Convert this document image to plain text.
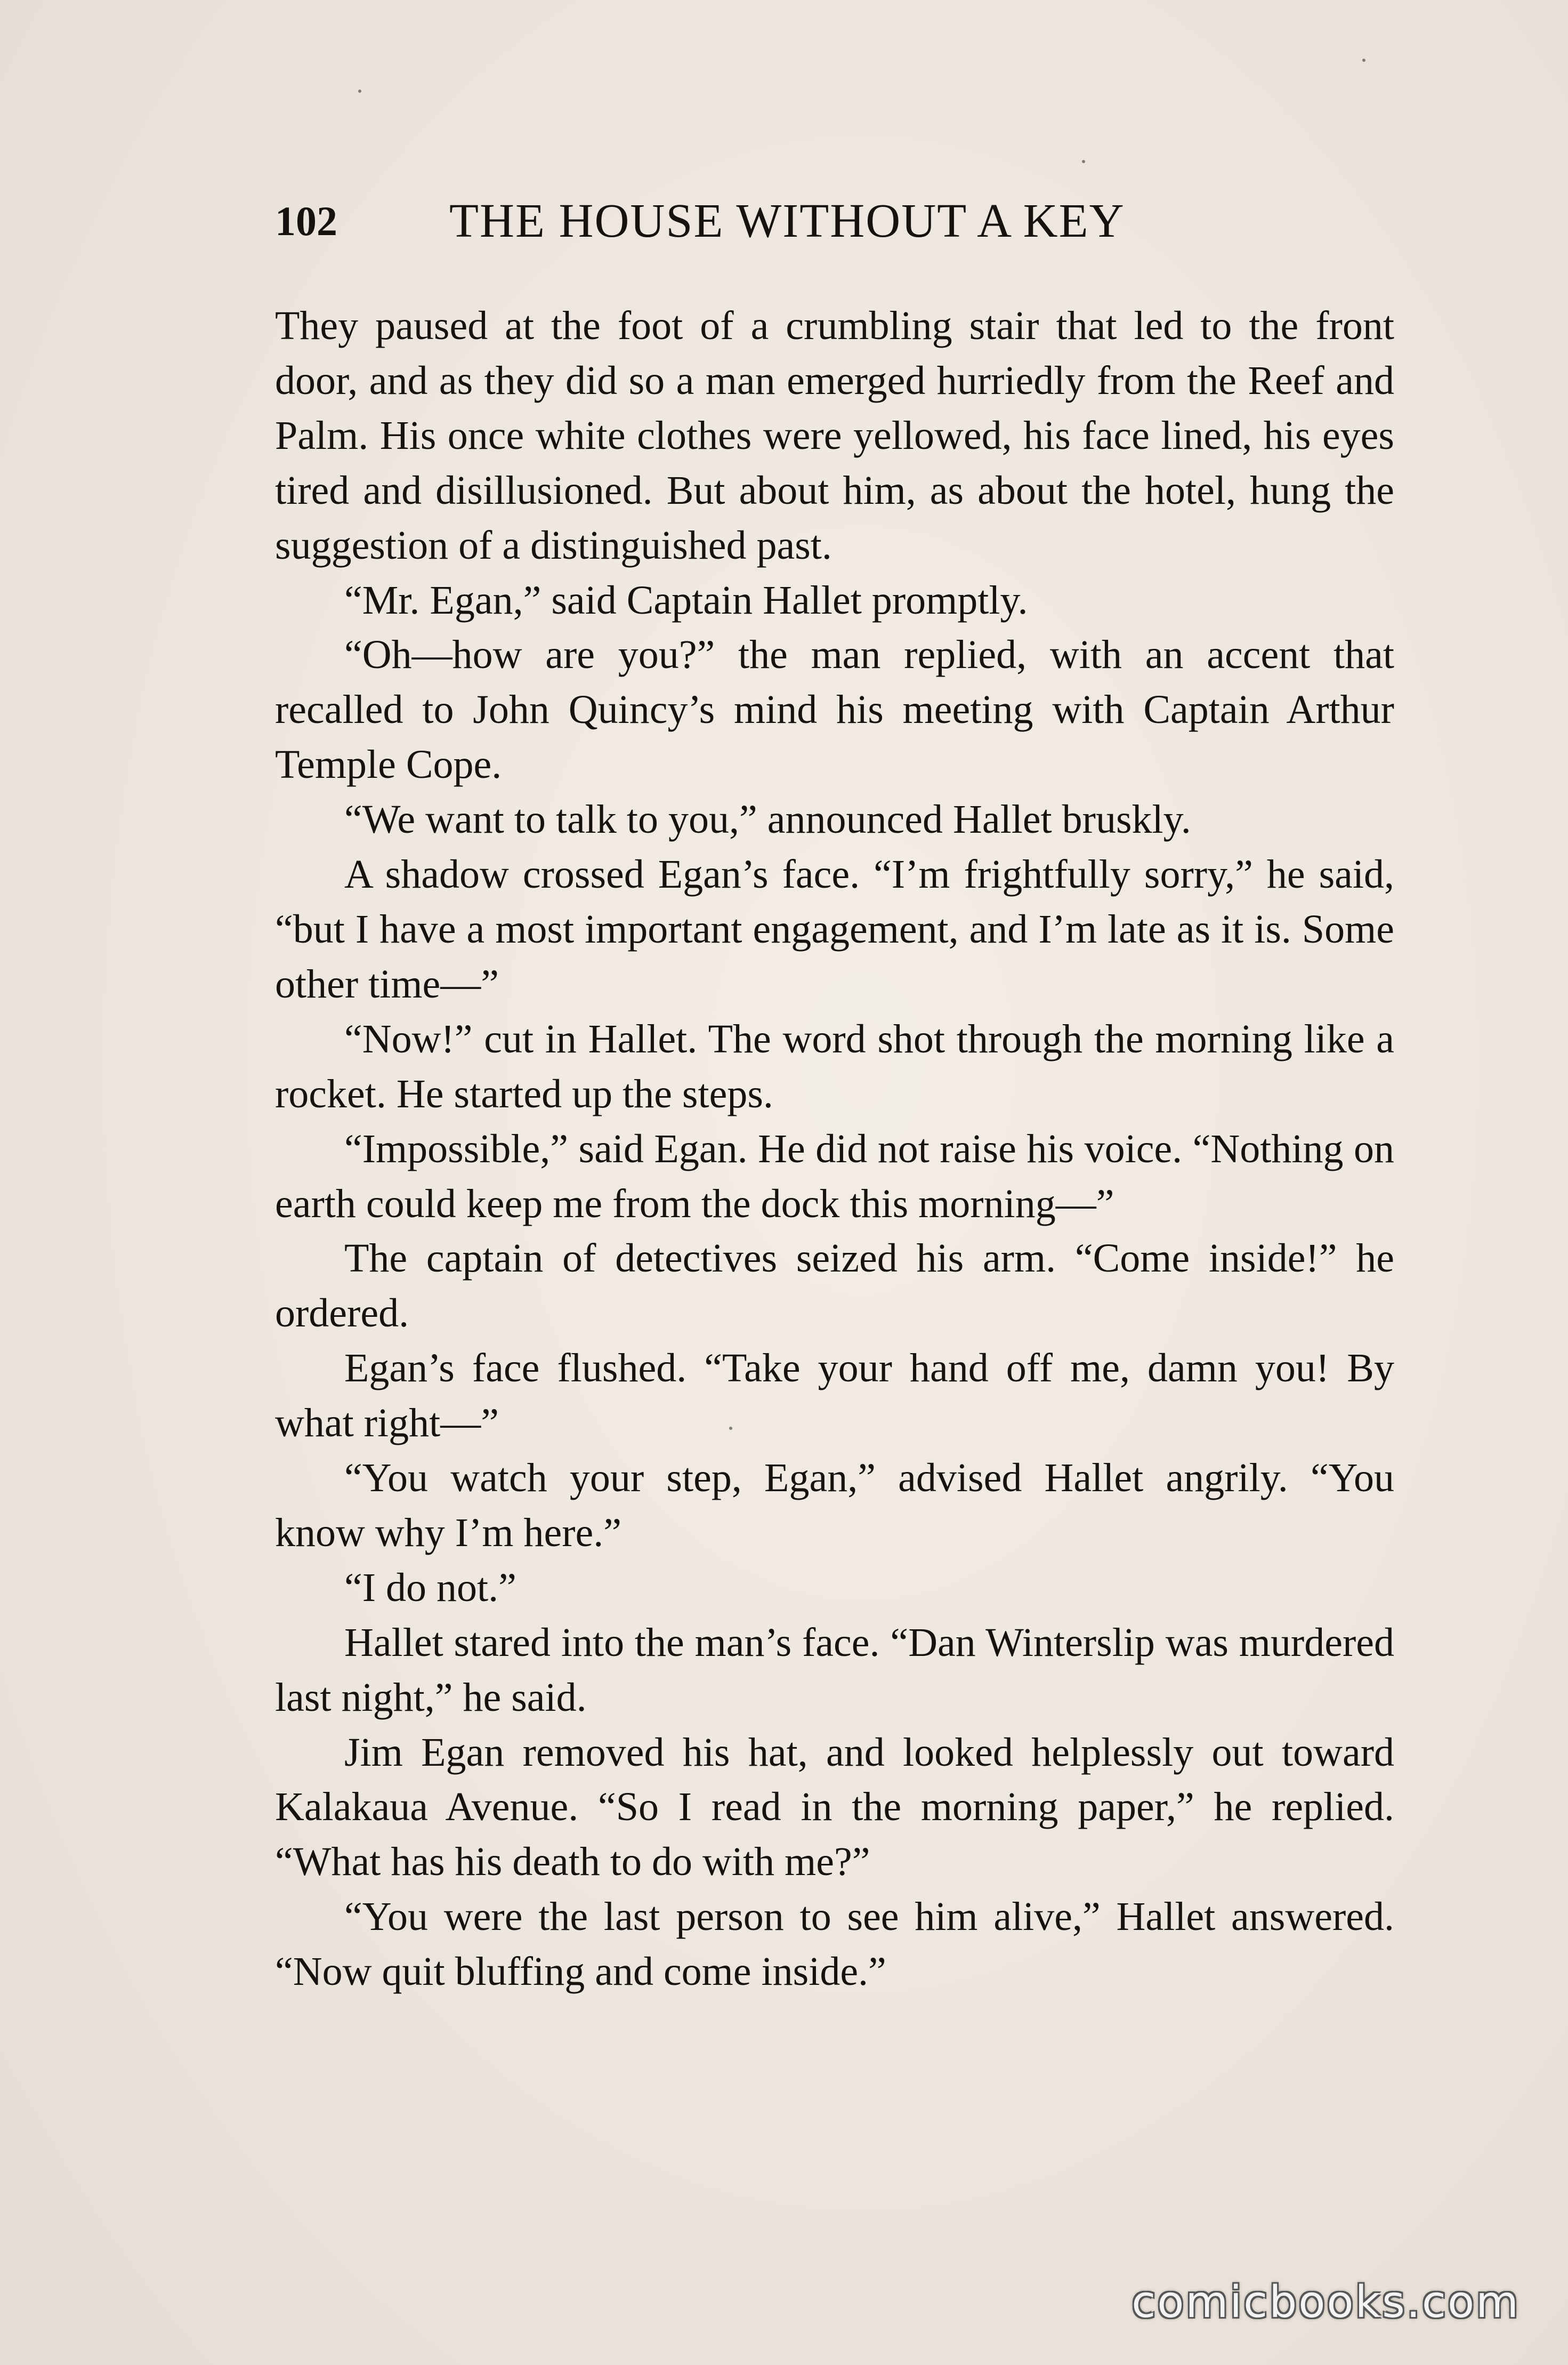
102 THE HOUSE WITHOUT A KEY

They paused at the foot of a crumbling stair that led to the front door, and as they did so a man emerged hurriedly from the Reef and Palm. His once white clothes were yellowed, his face lined, his eyes tired and disillusioned. But about him, as about the hotel, hung the suggestion of a distinguished past.

“Mr. Egan,” said Captain Hallet promptly.

“Oh—how are you?” the man replied, with an accent that recalled to John Quincy’s mind his meeting with Captain Arthur Temple Cope.

“We want to talk to you,” announced Hallet bruskly.

A shadow crossed Egan’s face. “I’m frightfully sorry,” he said, “but I have a most important engagement, and I’m late as it is. Some other time—”

“Now!” cut in Hallet. The word shot through the morning like a rocket. He started up the steps.

“Impossible,” said Egan. He did not raise his voice. “Nothing on earth could keep me from the dock this morning—”

The captain of detectives seized his arm. “Come inside!” he ordered.

Egan’s face flushed. “Take your hand off me, damn you! By what right—”

“You watch your step, Egan,” advised Hallet angrily. “You know why I’m here.”

“I do not.”

Hallet stared into the man’s face. “Dan Winterslip was murdered last night,” he said.

Jim Egan removed his hat, and looked helplessly out toward Kalakaua Avenue. “So I read in the morning paper,” he replied. “What has his death to do with me?”

“You were the last person to see him alive,” Hallet answered. “Now quit bluffing and come inside.”

comicbooks.com
